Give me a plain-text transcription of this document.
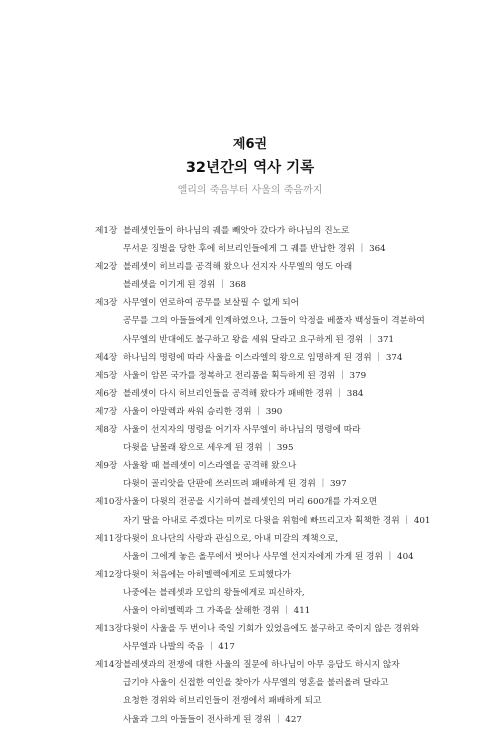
제6권
32년간의 역사 기록
엘리의 죽음부터 사울의 죽음까지
제1장 블레셋인들이 하나님의 궤를 빼앗아 갔다가 하나님의 진노로
무서운 징벌을 당한 후에 히브리인들에게 그 궤를 반납한 경위 ｜ 364
제2장 블레셋이 히브리를 공격해 왔으나 선지자 사무엘의 영도 아래
블레셋을 이기게 된 경위 ｜ 368
제3장 사무엘이 연로하여 공무를 보살필 수 없게 되어
공무를 그의 아들들에게 인계하였으나, 그들이 악정을 베풀자 백성들이 격분하여
사무엘의 반대에도 불구하고 왕을 세워 달라고 요구하게 된 경위 ｜ 371
제4장 하나님의 명령에 따라 사울을 이스라엘의 왕으로 임명하게 된 경위 ｜ 374
제5장 사울이 암몬 국가를 정복하고 전리품을 획득하게 된 경위 ｜ 379
제6장 블레셋이 다시 히브리인들을 공격해 왔다가 패배한 경위 ｜ 384
제7장 사울이 아말렉과 싸워 승리한 경위 ｜ 390
제8장 사울이 선지자의 명령을 어기자 사무엘이 하나님의 명령에 따라
다윗을 남몰래 왕으로 세우게 된 경위 ｜ 395
제9장 사울왕 때 블레셋이 이스라엘을 공격해 왔으나
다윗이 골리앗을 단판에 쓰러뜨려 패배하게 된 경위 ｜ 397
제10장 사울이 다윗의 전공을 시기하여 블레셋인의 머리 600개를 가져오면
자기 딸을 아내로 주겠다는 미끼로 다윗을 위험에 빠뜨리고자 획책한 경위 ｜ 401
제11장 다윗이 요나단의 사랑과 관심으로, 아내 미갈의 계책으로,
사울이 그에게 놓은 올무에서 벗어나 사무엘 선지자에게 가게 된 경위 ｜ 404
제12장 다윗이 처음에는 아히멜렉에게로 도피했다가
나중에는 블레셋과 모압의 왕들에게로 피신하자,
사울이 아히멜렉과 그 가족을 살해한 경위 ｜ 411
제13장 다윗이 사울을 두 번이나 죽일 기회가 있었음에도 불구하고 죽이지 않은 경위와
사무엘과 나발의 죽음 ｜ 417
제14장 블레셋과의 전쟁에 대한 사울의 질문에 하나님이 아무 응답도 하시지 않자
급기야 사울이 신접한 여인을 찾아가 사무엘의 영혼을 불러올려 달라고
요청한 경위와 히브리인들이 전쟁에서 패배하게 되고
사울과 그의 아들들이 전사하게 된 경위 ｜ 427
